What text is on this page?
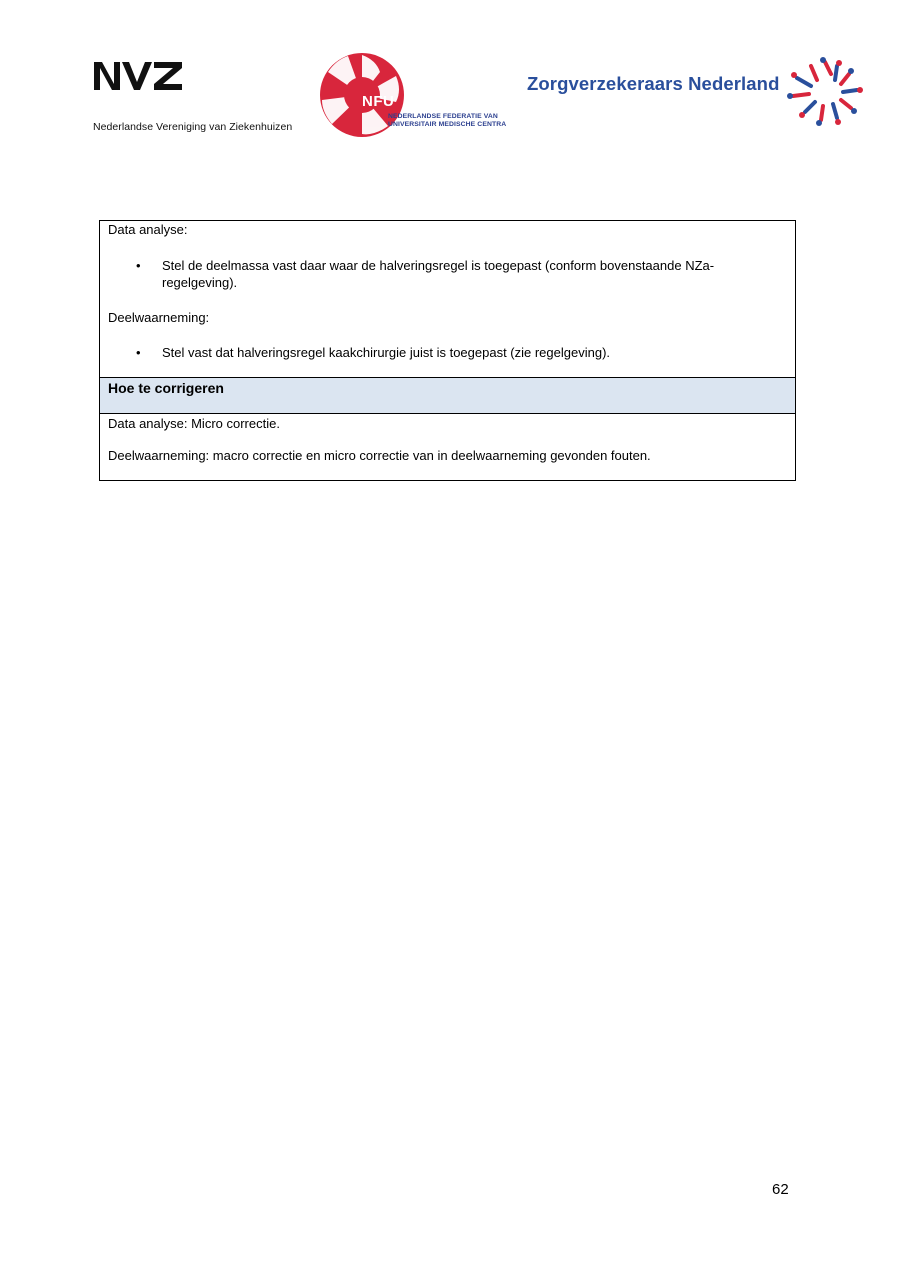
Nederlandse Vereniging van Ziekenhuizen
NFU
NEDERLANDSE FEDERATIE VAN
UNIVERSITAIR MEDISCHE CENTRA
Zorgverzekeraars Nederland

Data analyse:

• Stel de deelmassa vast daar waar de halveringsregel is toegepast (conform bovenstaande NZa-regelgeving).

Deelwaarneming:

• Stel vast dat halveringsregel kaakchirurgie juist is toegepast (zie regelgeving).
Hoe te corrigeren

Data analyse: Micro correctie.

Deelwaarneming: macro correctie en micro correctie van in deelwaarneming gevonden fouten.

62
